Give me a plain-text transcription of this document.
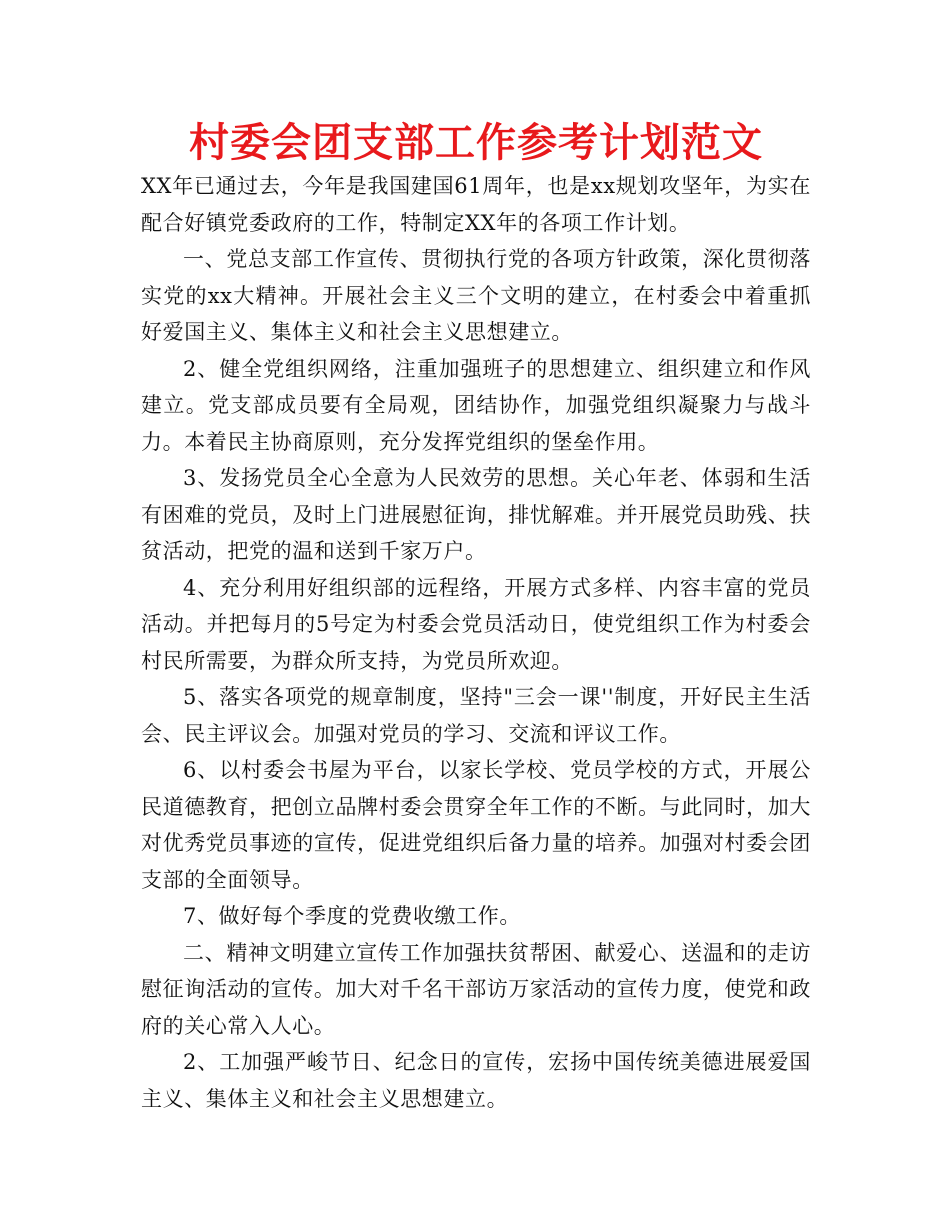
村委会团支部工作参考计划范文

XX年已通过去，今年是我国建国61周年，也是xx规划攻坚年，为实在配合好镇党委政府的工作，特制定XX年的各项工作计划。

一、党总支部工作宣传、贯彻执行党的各项方针政策，深化贯彻落实党的xx大精神。开展社会主义三个文明的建立，在村委会中着重抓好爱国主义、集体主义和社会主义思想建立。

2、健全党组织网络，注重加强班子的思想建立、组织建立和作风建立。党支部成员要有全局观，团结协作，加强党组织凝聚力与战斗力。本着民主协商原则，充分发挥党组织的堡垒作用。

3、发扬党员全心全意为人民效劳的思想。关心年老、体弱和生活有困难的党员，及时上门进展慰征询，排忧解难。并开展党员助残、扶贫活动，把党的温和送到千家万户。

4、充分利用好组织部的远程络，开展方式多样、内容丰富的党员活动。并把每月的5号定为村委会党员活动日，使党组织工作为村委会村民所需要，为群众所支持，为党员所欢迎。

5、落实各项党的规章制度，坚持"三会一课''制度，开好民主生活会、民主评议会。加强对党员的学习、交流和评议工作。

6、以村委会书屋为平台，以家长学校、党员学校的方式，开展公民道德教育，把创立品牌村委会贯穿全年工作的不断。与此同时，加大对优秀党员事迹的宣传，促进党组织后备力量的培养。加强对村委会团支部的全面领导。

7、做好每个季度的党费收缴工作。

二、精神文明建立宣传工作加强扶贫帮困、献爱心、送温和的走访慰征询活动的宣传。加大对千名干部访万家活动的宣传力度，使党和政府的关心常入人心。

2、工加强严峻节日、纪念日的宣传，宏扬中国传统美德进展爱国主义、集体主义和社会主义思想建立。
